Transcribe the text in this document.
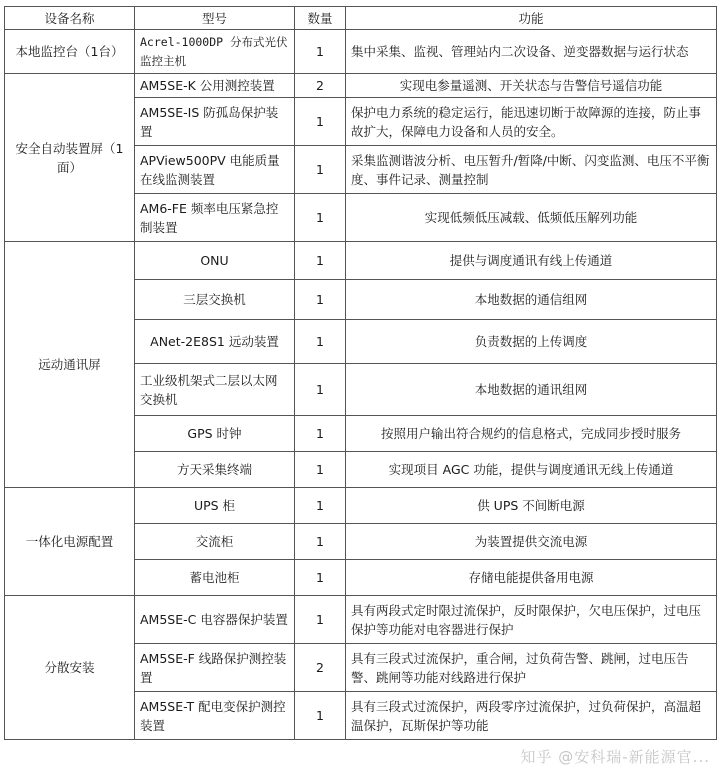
设备名称	型号	数量	功能
本地监控台（1台）	Acrel-1000DP 分布式光伏监控主机	1	集中采集、监视、管理站内二次设备、逆变器数据与运行状态
安全自动装置屏（1面）	AM5SE-K 公用测控装置	2	实现电参量遥测、开关状态与告警信号遥信功能
	AM5SE-IS 防孤岛保护装置	1	保护电力系统的稳定运行，能迅速切断于故障源的连接，防止事故扩大，保障电力设备和人员的安全。
	APView500PV 电能质量在线监测装置	1	采集监测谐波分析、电压暂升/暂降/中断、闪变监测、电压不平衡度、事件记录、测量控制
	AM6-FE 频率电压紧急控制装置	1	实现低频低压减载、低频低压解列功能
远动通讯屏	ONU	1	提供与调度通讯有线上传通道
	三层交换机	1	本地数据的通信组网
	ANet-2E8S1 远动装置	1	负责数据的上传调度
	工业级机架式二层以太网交换机	1	本地数据的通讯组网
	GPS 时钟	1	按照用户输出符合规约的信息格式，完成同步授时服务
	方天采集终端	1	实现项目 AGC 功能，提供与调度通讯无线上传通道
一体化电源配置	UPS 柜	1	供 UPS 不间断电源
	交流柜	1	为装置提供交流电源
	蓄电池柜	1	存储电能提供备用电源
分散安装	AM5SE-C 电容器保护装置	1	具有两段式定时限过流保护，反时限保护，欠电压保护，过电压保护等功能对电容器进行保护
	AM5SE-F 线路保护测控装置	2	具有三段式过流保护，重合闸，过负荷告警、跳闸，过电压告警、跳闸等功能对线路进行保护
	AM5SE-T 配电变保护测控装置	1	具有三段式过流保护，两段零序过流保护，过负荷保护，高温超温保护，瓦斯保护等功能
知乎 @安科瑞-新能源官...
